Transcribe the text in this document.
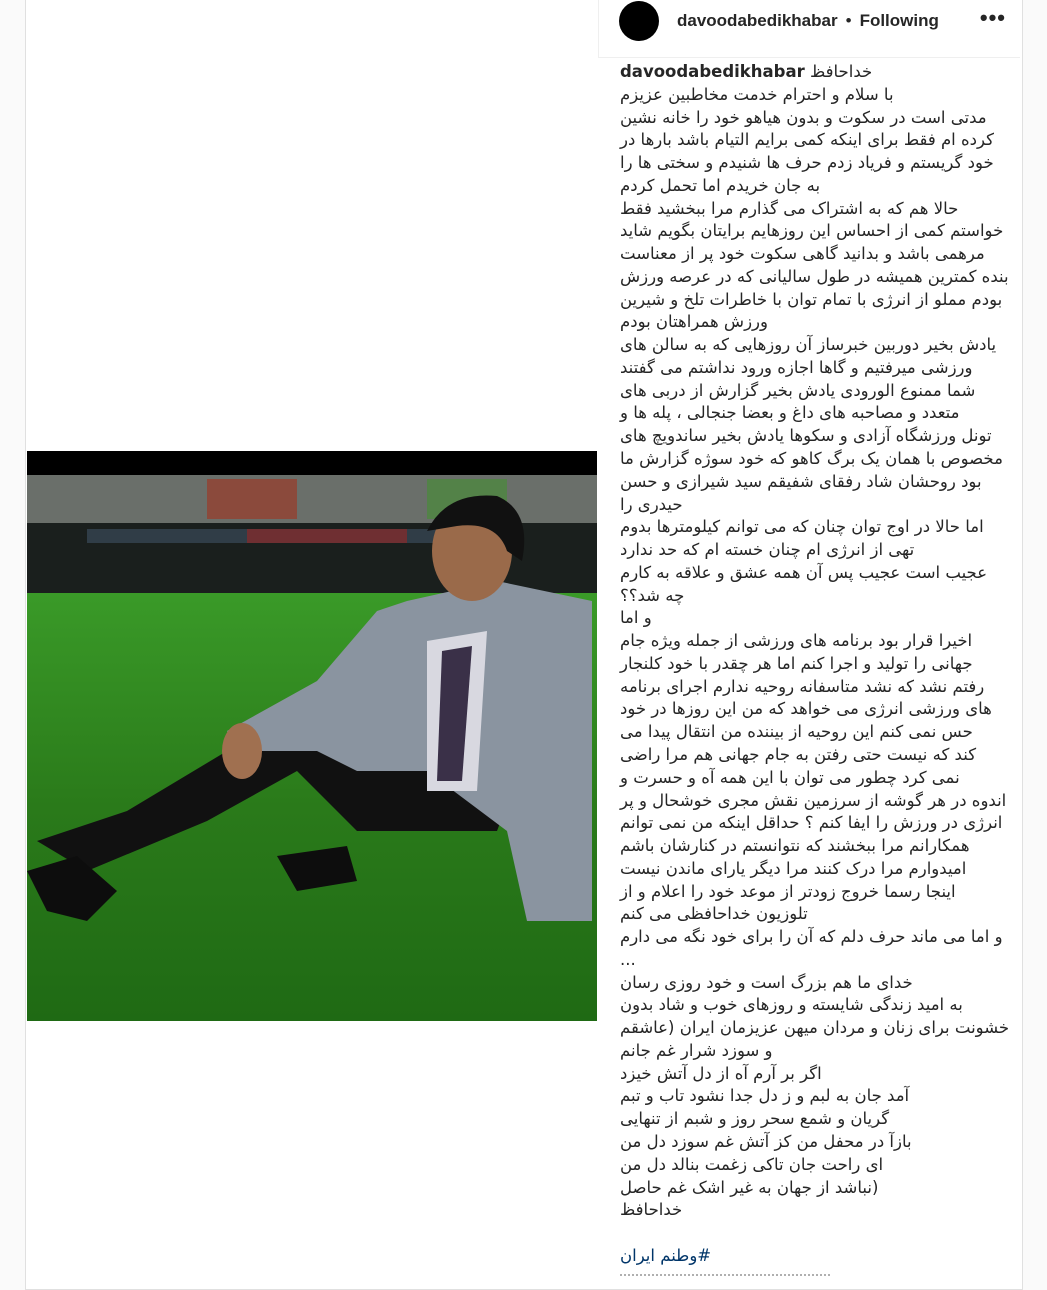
davoodabedikhabar • Following •••
davoodabedikhabar خداحافظ
با سلام و احترام خدمت مخاطبین عزیزم
مدتی است در سکوت و بدون هیاهو خود را خانه نشین
کرده ام فقط برای اینکه کمی برایم التیام باشد بارها در
خود گریستم و فریاد زدم حرف ها شنیدم و سختی ها را
به جان خریدم اما تحمل کردم
حالا هم که به اشتراک می گذارم مرا ببخشید فقط
خواستم کمی از احساس این روزهایم برایتان بگویم شاید
مرهمی باشد و بدانید گاهی سکوت خود پر از معناست
بنده کمترین همیشه در طول سالیانی که در عرصه ورزش
بودم مملو از انرژی با تمام توان با خاطرات تلخ و شیرین
ورزش همراهتان بودم
یادش بخیر دوربین خبرساز آن روزهایی که به سالن های
ورزشی میرفتیم و گاها اجازه ورود نداشتم می گفتند
شما ممنوع الورودی یادش بخیر گزارش از دربی های
متعدد و مصاحبه های داغ و بعضا جنجالی ، پله ها و
تونل ورزشگاه آزادی و سکوها یادش بخیر ساندویچ های
مخصوص با همان یک برگ کاهو که خود سوژه گزارش ما
بود روحشان شاد رفقای شفیقم سید شیرازی و حسن
حیدری را
اما حالا در اوج توان چنان که می توانم کیلومترها بدوم
تهی از انرژی ام چنان خسته ام که حد ندارد
عجیب است عجیب پس آن همه عشق و علاقه به کارم
چه شد؟؟
و اما
اخیرا قرار بود برنامه های ورزشی از جمله ویژه جام
جهانی را تولید و اجرا کنم اما هر چقدر با خود کلنجار
رفتم نشد که نشد متاسفانه روحیه ندارم اجرای برنامه
های ورزشی انرژی می خواهد که من این روزها در خود
حس نمی کنم این روحیه از بیننده من انتقال پیدا می
کند که نیست حتی رفتن به جام جهانی هم مرا راضی
نمی کرد چطور می توان با این همه آه و حسرت و
اندوه در هر گوشه از سرزمین نقش مجری خوشحال و پر
انرژی در ورزش را ایفا کنم ؟ حداقل اینکه من نمی توانم
همکارانم مرا ببخشند که نتوانستم در کنارشان باشم
امیدوارم مرا درک کنند مرا دیگر یارای ماندن نیست
اینجا رسما خروج زودتر از موعد خود را اعلام و از
تلوزیون خداحافظی می کنم
و اما می ماند حرف دلم که آن را برای خود نگه می دارم
...
خدای ما هم بزرگ است و خود روزی رسان
به امید زندگی شایسته و روزهای خوب و شاد بدون
خشونت برای زنان و مردان میهن عزیزمان ایران (عاشقم
و سوزد شرار غم جانم
اگر بر آرم آه از دل آتش خیزد
آمد جان به لبم و ز دل جدا نشود تاب و تبم
گریان و شمع سحر روز و شبم از تنهایی
بازآ در محفل من کز آتش غم سوزد دل من
ای راحت جان تاکی زغمت بنالد دل من
(نباشد از جهان به غیر اشک غم حاصل
خداحافظ
#وطنم ایران
